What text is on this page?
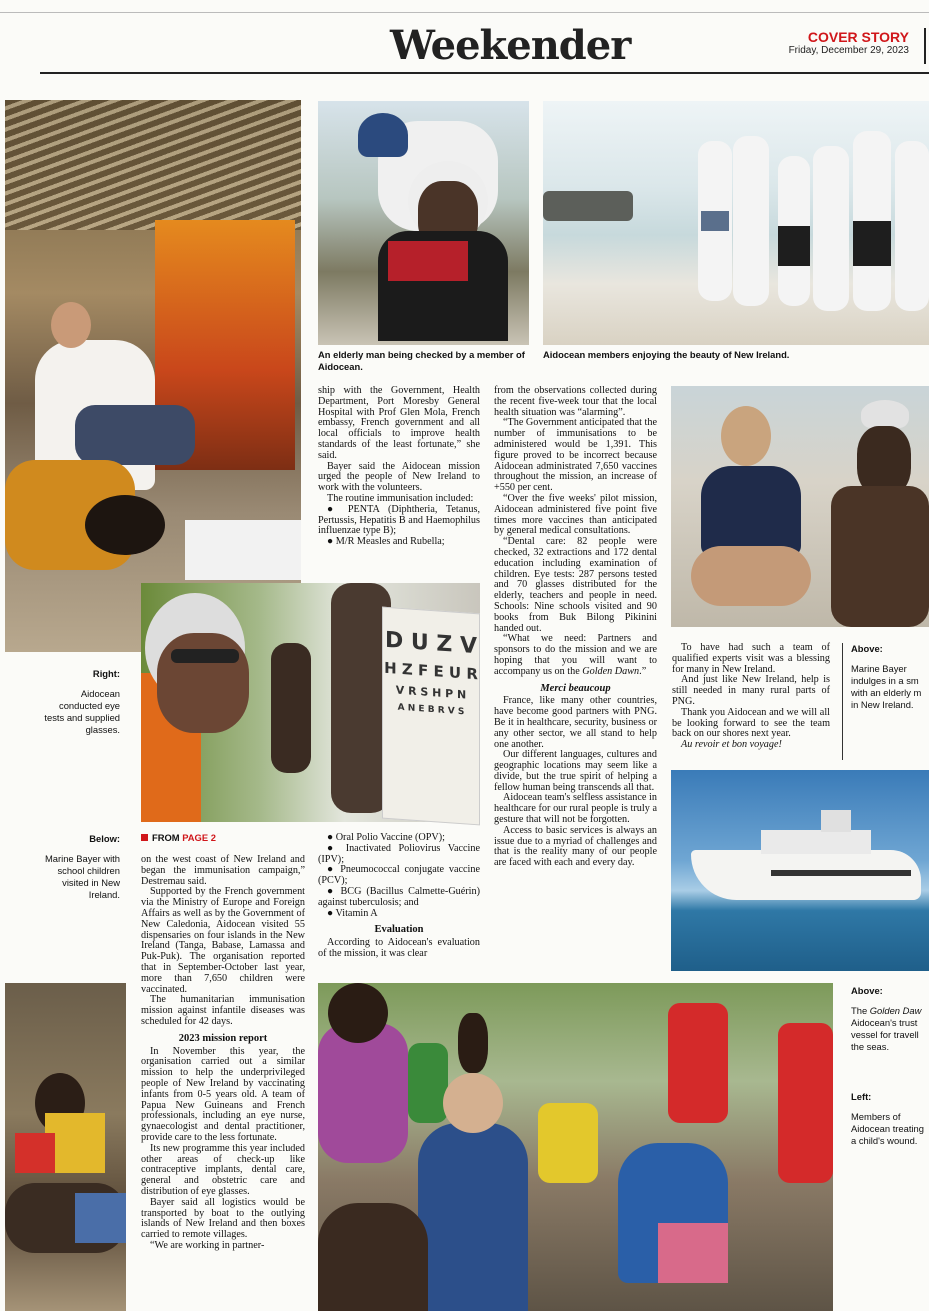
Weekender	COVER STORY
Friday, December 29, 2023
An elderly man being checked by a member of Aidocean.
Aidocean members enjoying the beauty of New Ireland.
Right:
Aidocean conducted eye tests and supplied glasses.
D U Z V
H Z F E U R
V R S H P N
A N E B R V S
Below:
Marine Bayer with school children visited in New Ireland.
FROM PAGE 2

on the west coast of New Ireland and began the immunisation campaign,” Destremau said.

Supported by the French government via the Ministry of Europe and Foreign Affairs as well as by the Government of New Caledonia, Aidocean visited 55 dispensaries on four islands in the New Ireland (Tanga, Babase, Lamassa and Puk-Puk). The organisation reported that in September-October last year, more than 7,650 children were vaccinated.

The humanitarian immunisation mission against infantile diseases was scheduled for 42 days.

2023 mission report

In November this year, the organisation carried out a similar mission to help the underprivileged people of New Ireland by vaccinating infants from 0-5 years old. A team of Papua New Guineans and French professionals, including an eye nurse, gynaecologist and dental practitioner, provide care to the less fortunate.

Its new programme this year included other areas of check-up like contraceptive implants, dental care, general and obstetric care and distribution of eye glasses.

Bayer said all logistics would be transported by boat to the outlying islands of New Ireland and then boxes carried to remote villages.

“We are working in partner-

ship with the Government, Health Department, Port Moresby General Hospital with Prof Glen Mola, French embassy, French government and all local officials to improve health standards of the least fortunate,” she said.

Bayer said the Aidocean mission urged the people of New Ireland to work with the volunteers.

The routine immunisation included:

● PENTA (Diphtheria, Tetanus, Pertussis, Hepatitis B and Haemophilus influenzae type B);

● M/R Measles and Rubella;

● Oral Polio Vaccine (OPV);

● Inactivated Poliovirus Vaccine (IPV);

● Pneumococcal conjugate vaccine (PCV);

● BCG (Bacillus Calmette-Guérin) against tuberculosis; and

● Vitamin A

Evaluation

According to Aidocean's evaluation of the mission, it was clear

from the observations collected during the recent five-week tour that the local health situation was “alarming”.

“The Government anticipated that the number of immunisations to be administered would be 1,391. This figure proved to be incorrect because Aidocean administrated 7,650 vaccines throughout the mission, an increase of +550 per cent.

“Over the five weeks' pilot mission, Aidocean administered five point five times more vaccines than anticipated by general medical consultations.

“Dental care: 82 people were checked, 32 extractions and 172 dental education including examination of children. Eye tests: 287 persons tested and 70 glasses distributed for the elderly, teachers and people in need. Schools: Nine schools visited and 90 books from Buk Bilong Pikinini handed out.

“What we need: Partners and sponsors to do the mission and we are hoping that you will want to accompany us on the Golden Dawn.”

Merci beaucoup

France, like many other countries, have become good partners with PNG. Be it in healthcare, security, business or any other sector, we all stand to help one another.

Our different languages, cultures and geographic locations may seem like a divide, but the true spirit of helping a fellow human being transcends all that.

Aidocean team's selfless assistance in healthcare for our rural people is truly a gesture that will not be forgotten.

Access to basic services is always an issue due to a myriad of challenges and that is the reality many of our people are faced with each and every day.

To have had such a team of qualified experts visit was a blessing for many in New Ireland.

And just like New Ireland, help is still needed in many rural parts of PNG.

Thank you Aidocean and we will all be looking forward to see the team back on our shores next year.

Au revoir et bon voyage!

Above:
Marine Bayer indulges in a sm with an elderly m in New Ireland.
Above:
The Golden Daw Aidocean's trust vessel for travell the seas.
Left:
Members of Aidocean treating a child's wound.
